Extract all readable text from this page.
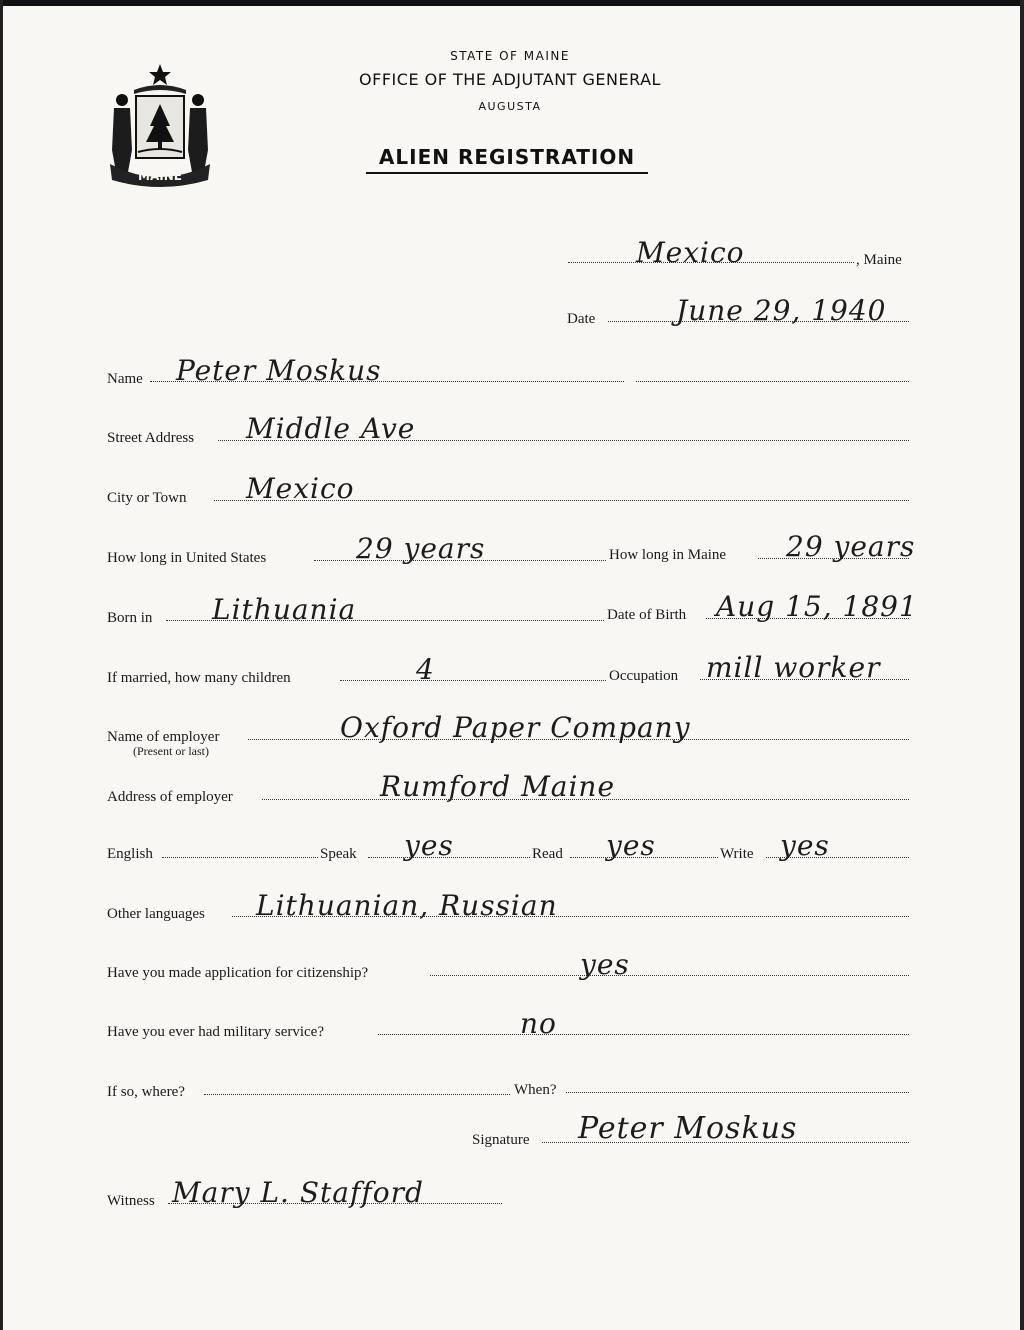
MAINE
STATE OF MAINE
OFFICE OF THE ADJUTANT GENERAL
AUGUSTA
ALIEN REGISTRATION
Mexico	, Maine
Date	June 29, 1940
Name Peter Moskus
Street Address Middle Ave
City or Town Mexico
How long in United States	29 years	How long in Maine 29 years
Born in Lithuania	Date of Birth Aug 15, 1891
If married, how many children	4	Occupation mill worker
Name of employer
(Present or last)
Oxford Paper Company
Address of employer	Rumford Maine
English	Speak yes	Read yes	Write yes
Other languages Lithuanian, Russian
Have you made application for citizenship?	yes
Have you ever had military service?	no
If so, where?	When?
Signature Peter Moskus
Witness Mary L. Stafford
